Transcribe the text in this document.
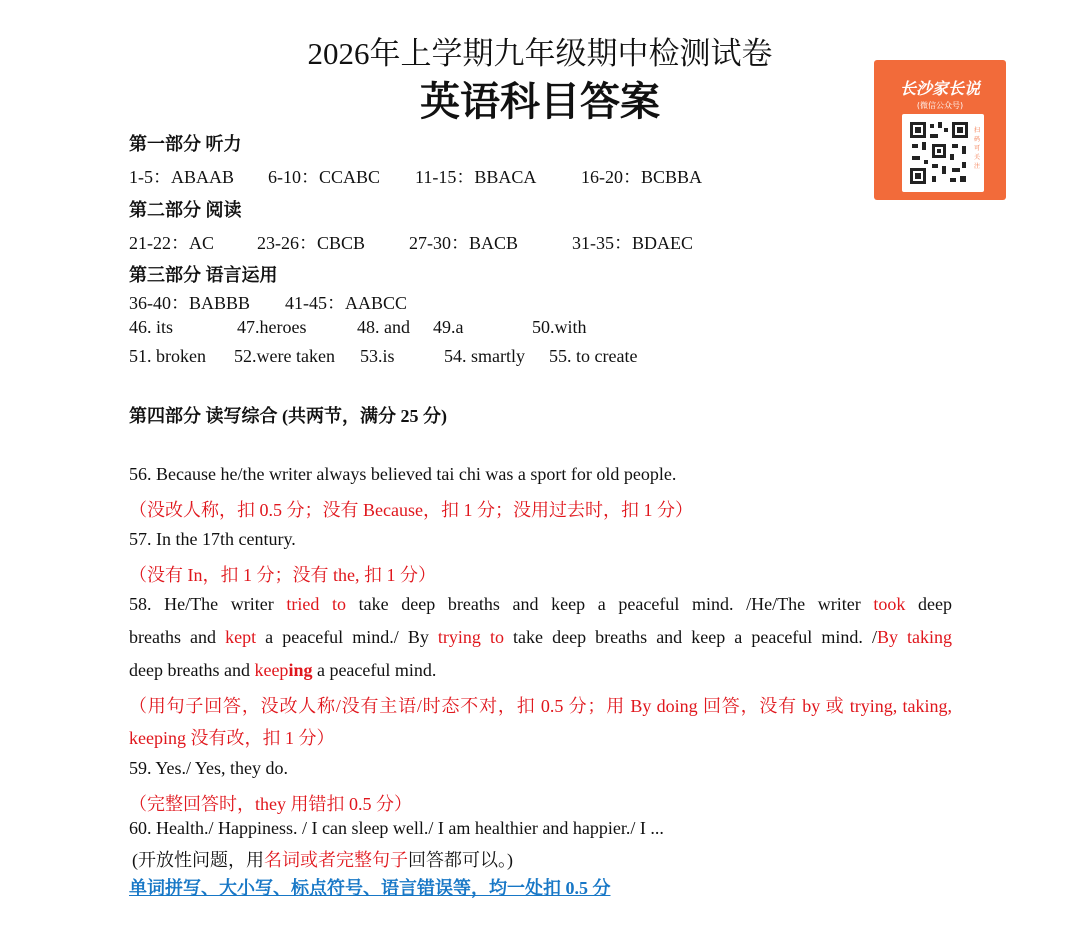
2026年上学期九年级期中检测试卷
英语科目答案	长沙家长说
(微信公众号)
扫码可关注
第一部分 听力
1-5：ABAAB 6-10：CCABC 11-15：BBACA 16-20：BCBBA
第二部分 阅读
21-22：AC 23-26：CBCB 27-30：BACB	31-35：BDAEC
第三部分 语言运用
36-40：BABBB 41-45：AABCC
46. its	47.heroes	48. and 49.a	50.with
51. broken 52.were taken 53.is	54. smartly 55. to create
第四部分 读写综合 (共两节，满分 25 分)
56. Because he/the writer always believed tai chi was a sport for old people.
（没改人称，扣 0.5 分；没有 Because，扣 1 分；没用过去时，扣 1 分）
57. In the 17th century.
（没有 In，扣 1 分；没有 the, 扣 1 分）
58. He/The writer tried to take deep breaths and keep a peaceful mind. /He/The writer took deep
breaths and kept a peaceful mind./ By trying to take deep breaths and keep a peaceful mind. /By taking
deep breaths and keeping a peaceful mind.
（用句子回答，没改人称/没有主语/时态不对，扣 0.5 分；用 By doing 回答，没有 by 或 trying, taking,
keeping 没有改，扣 1 分）
59. Yes./ Yes, they do.
（完整回答时，they 用错扣 0.5 分）
60. Health./ Happiness. / I can sleep well./ I am healthier and happier./ I ...
(开放性问题，用名词或者完整句子回答都可以。)
单词拼写、大小写、标点符号、语言错误等，均一处扣 0.5 分
